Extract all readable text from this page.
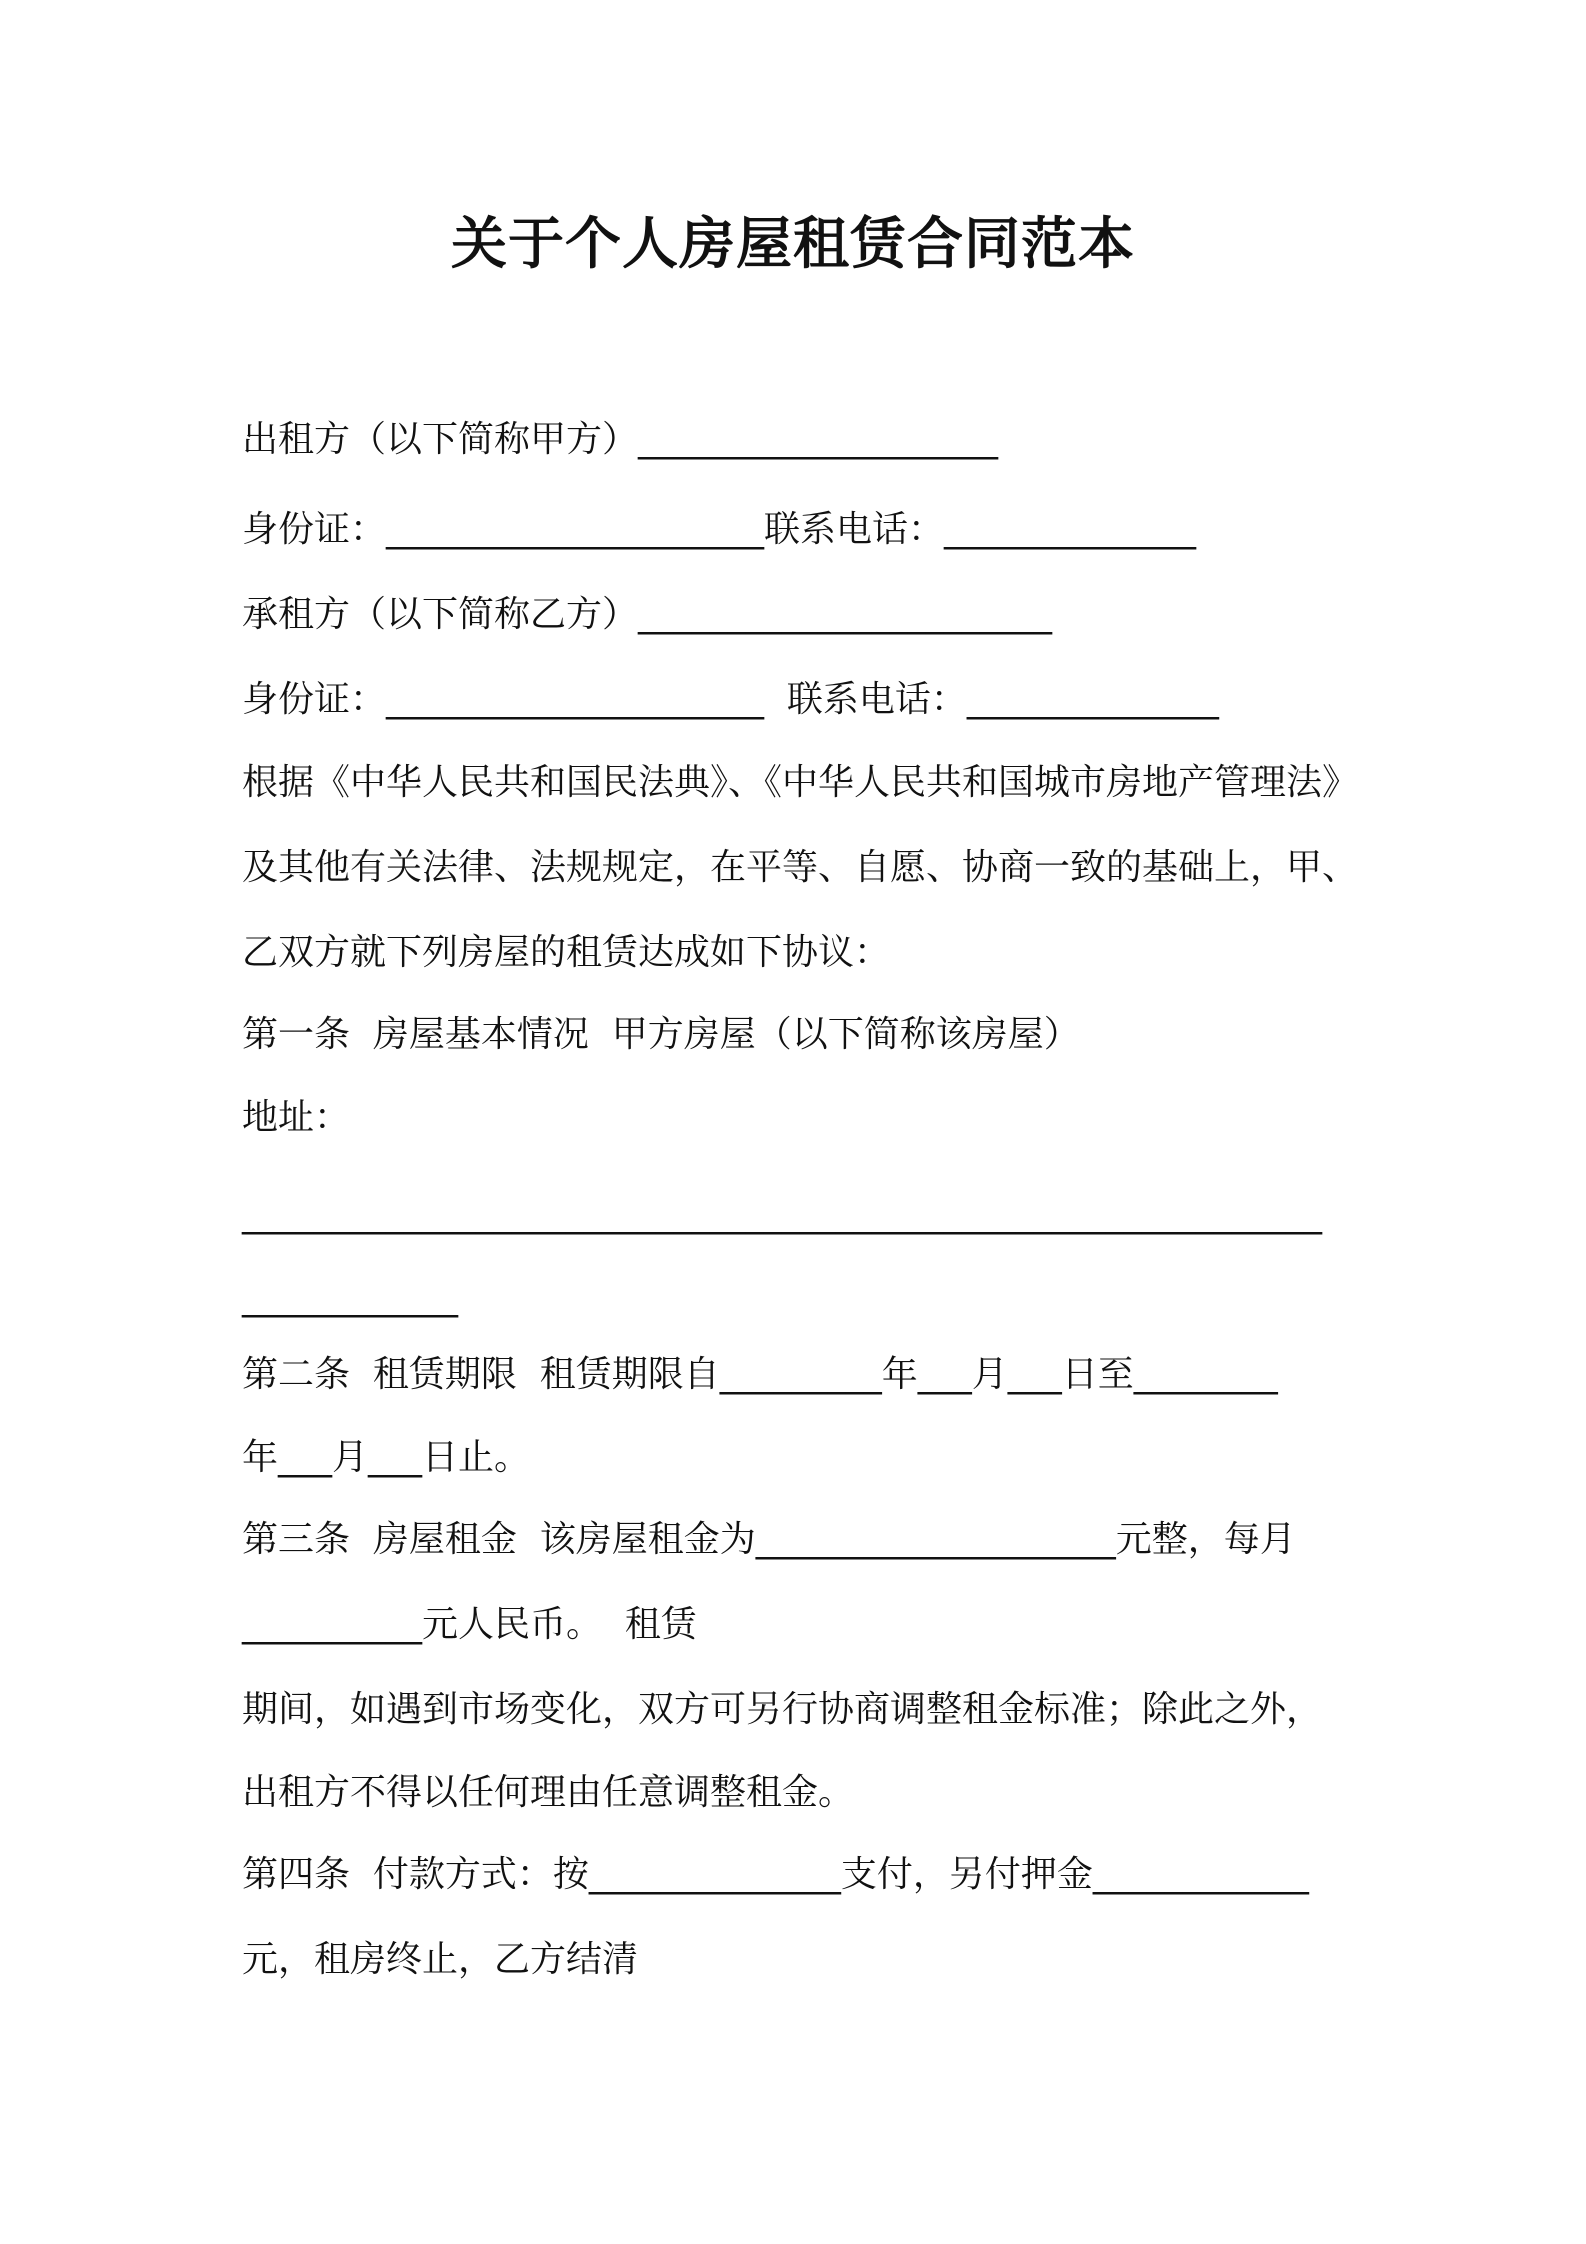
关于个人房屋租赁合同范本

出租方（以下简称甲方）____________________

身份证：_____________________联系电话：______________

承租方（以下简称乙方）_______________________

身份证：_____________________  联系电话：______________

根据《中华人民共和国民法典》、《中华人民共和国城市房地产管理法》

及其他有关法律、法规规定，在平等、自愿、协商一致的基础上，甲、

乙双方就下列房屋的租赁达成如下协议：

第一条  房屋基本情况  甲方房屋（以下简称该房屋）

地址：

____________________________________________________________

____________

第二条  租赁期限  租赁期限自_________年___月___日至________

年___月___日止。

第三条  房屋租金  该房屋租金为____________________元整，每月

__________元人民币。  租赁

期间，如遇到市场变化，双方可另行协商调整租金标准；除此之外，

出租方不得以任何理由任意调整租金。

第四条  付款方式：按______________支付，另付押金____________

元，租房终止，乙方结清
